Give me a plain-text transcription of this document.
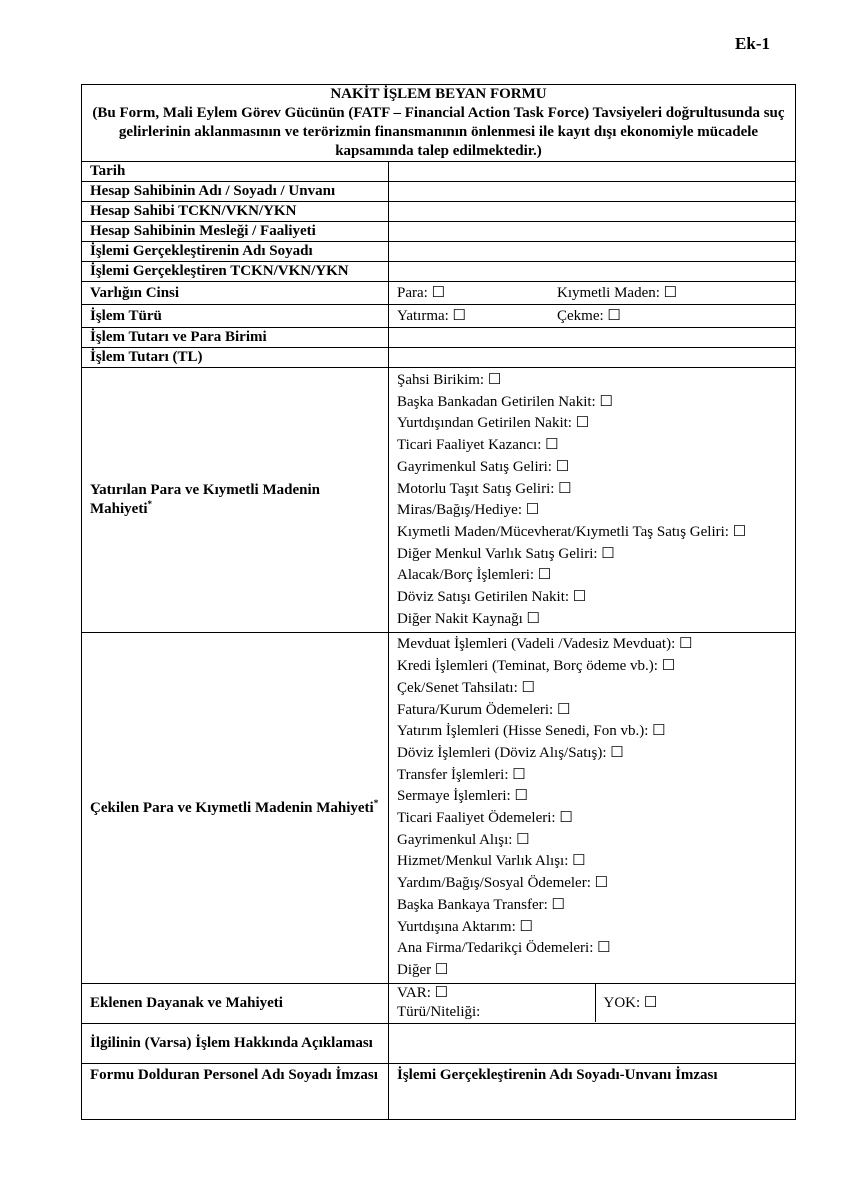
Ek-1
NAKİT İŞLEM BEYAN FORMU
(Bu Form, Mali Eylem Görev Gücünün (FATF – Financial Action Task Force) Tavsiyeleri doğrultusunda suç gelirlerinin aklanmasının ve terörizmin finansmanının önlenmesi ile kayıt dışı ekonomiyle mücadele kapsamında talep edilmektedir.)

Tarih	
Hesap Sahibinin Adı / Soyadı / Unvanı	
Hesap Sahibi TCKN/VKN/YKN	
Hesap Sahibinin Mesleği / Faaliyeti	
İşlemi Gerçekleştirenin Adı Soyadı	
İşlemi Gerçekleştiren TCKN/VKN/YKN	
Varlığın Cinsi	Para: ☐	Kıymetli Maden: ☐

İşlem Türü	Yatırma: ☐	Çekme: ☐

İşlem Tutarı ve Para Birimi	
İşlem Tutarı (TL)	
Yatırılan Para ve Kıymetli Madenin Mahiyeti*	
Şahsi Birikim: ☐
Başka Bankadan Getirilen Nakit: ☐
Yurtdışından Getirilen Nakit: ☐
Ticari Faaliyet Kazancı: ☐
Gayrimenkul Satış Geliri: ☐
Motorlu Taşıt Satış Geliri: ☐
Miras/Bağış/Hediye: ☐
Kıymetli Maden/Mücevherat/Kıymetli Taş Satış Geliri: ☐
Diğer Menkul Varlık Satış Geliri: ☐
Alacak/Borç İşlemleri: ☐
Döviz Satışı Getirilen Nakit: ☐
Diğer Nakit Kaynağı ☐

Çekilen Para ve Kıymetli Madenin Mahiyeti*	
Mevduat İşlemleri (Vadeli /Vadesiz Mevduat): ☐
Kredi İşlemleri (Teminat, Borç ödeme vb.): ☐
Çek/Senet Tahsilatı: ☐
Fatura/Kurum Ödemeleri: ☐
Yatırım İşlemleri (Hisse Senedi, Fon vb.): ☐
Döviz İşlemleri (Döviz Alış/Satış): ☐
Transfer İşlemleri: ☐
Sermaye İşlemleri: ☐
Ticari Faaliyet Ödemeleri: ☐
Gayrimenkul Alışı: ☐
Hizmet/Menkul Varlık Alışı: ☐
Yardım/Bağış/Sosyal Ödemeler: ☐
Başka Bankaya Transfer: ☐
Yurtdışına Aktarım: ☐
Ana Firma/Tedarikçi Ödemeleri: ☐
Diğer ☐

Eklenen Dayanak ve Mahiyeti	
VAR: ☐
Türü/Niteliği:
	YOK: ☐

İlgilinin (Varsa) İşlem Hakkında Açıklaması	
Formu Dolduran Personel Adı Soyadı İmzası	İşlemi Gerçekleştirenin Adı Soyadı-Unvanı İmzası
